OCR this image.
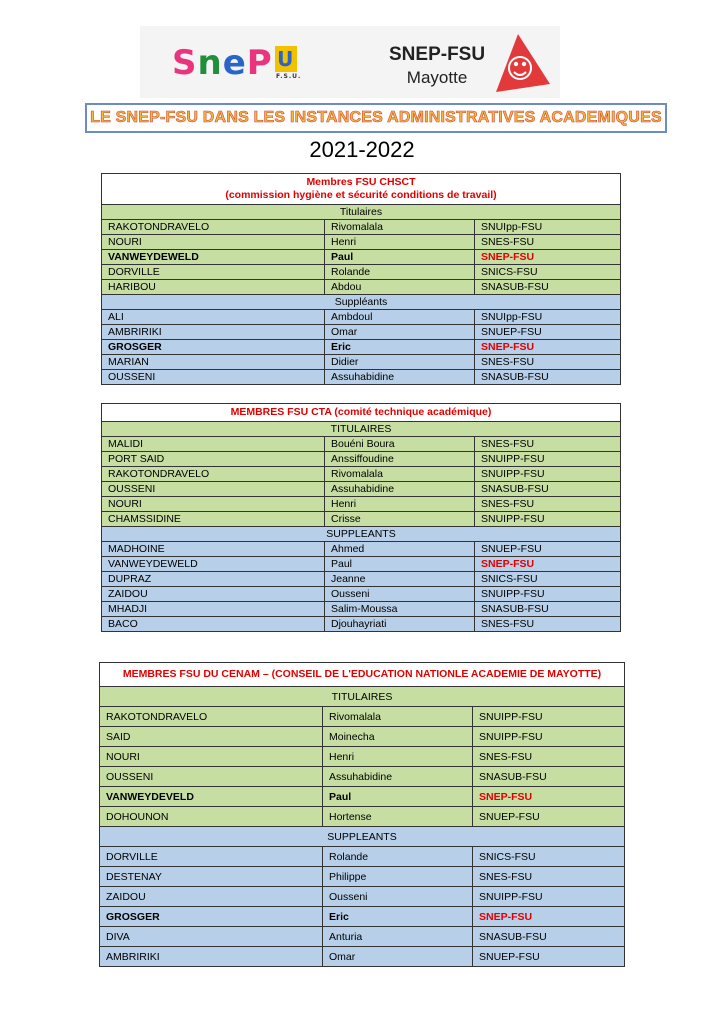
SneP U
F.S.U.
SNEP-FSU
Mayotte
LE SNEP-FSU DANS LES INSTANCES ADMINISTRATIVES ACADEMIQUES
2021-2022
Membres FSU CHSCT
(commission hygiène et sécurité conditions de travail)		

Titulaires		
RAKOTONDRAVELO	Rivomalala	SNUIpp-FSU
NOURI	Henri	SNES-FSU
VANWEYDEWELD	Paul	SNEP-FSU
DORVILLE	Rolande	SNICS-FSU
HARIBOU	Abdou	SNASUB-FSU
Suppléants		
ALI	Ambdoul	SNUIpp-FSU
AMBRIRIKI	Omar	SNUEP-FSU
GROSGER	Eric	SNEP-FSU
MARIAN	Didier	SNES-FSU
OUSSENI	Assuhabidine	SNASUB-FSU
MEMBRES FSU CTA (comité technique académique)		
TITULAIRES		
MALIDI	Bouéni Boura	SNES-FSU
PORT SAID	Anssiffoudine	SNUIPP-FSU
RAKOTONDRAVELO	Rivomalala	SNUIPP-FSU
OUSSENI	Assuhabidine	SNASUB-FSU
NOURI	Henri	SNES-FSU
CHAMSSIDINE	Crisse	SNUIPP-FSU
SUPPLEANTS		
MADHOINE	Ahmed	SNUEP-FSU
VANWEYDEWELD	Paul	SNEP-FSU
DUPRAZ	Jeanne	SNICS-FSU
ZAIDOU	Ousseni	SNUIPP-FSU
MHADJI	Salim-Moussa	SNASUB-FSU
BACO	Djouhayriati	SNES-FSU
MEMBRES FSU DU CENAM – (CONSEIL DE L'EDUCATION NATIONLE ACADEMIE DE MAYOTTE)		
TITULAIRES		
RAKOTONDRAVELO	Rivomalala	SNUIPP-FSU
SAID	Moinecha	SNUIPP-FSU
NOURI	Henri	SNES-FSU
OUSSENI	Assuhabidine	SNASUB-FSU
VANWEYDEVELD	Paul	SNEP-FSU
DOHOUNON	Hortense	SNUEP-FSU
SUPPLEANTS		
DORVILLE	Rolande	SNICS-FSU
DESTENAY	Philippe	SNES-FSU
ZAIDOU	Ousseni	SNUIPP-FSU
GROSGER	Eric	SNEP-FSU
DIVA	Anturia	SNASUB-FSU
AMBRIRIKI	Omar	SNUEP-FSU
